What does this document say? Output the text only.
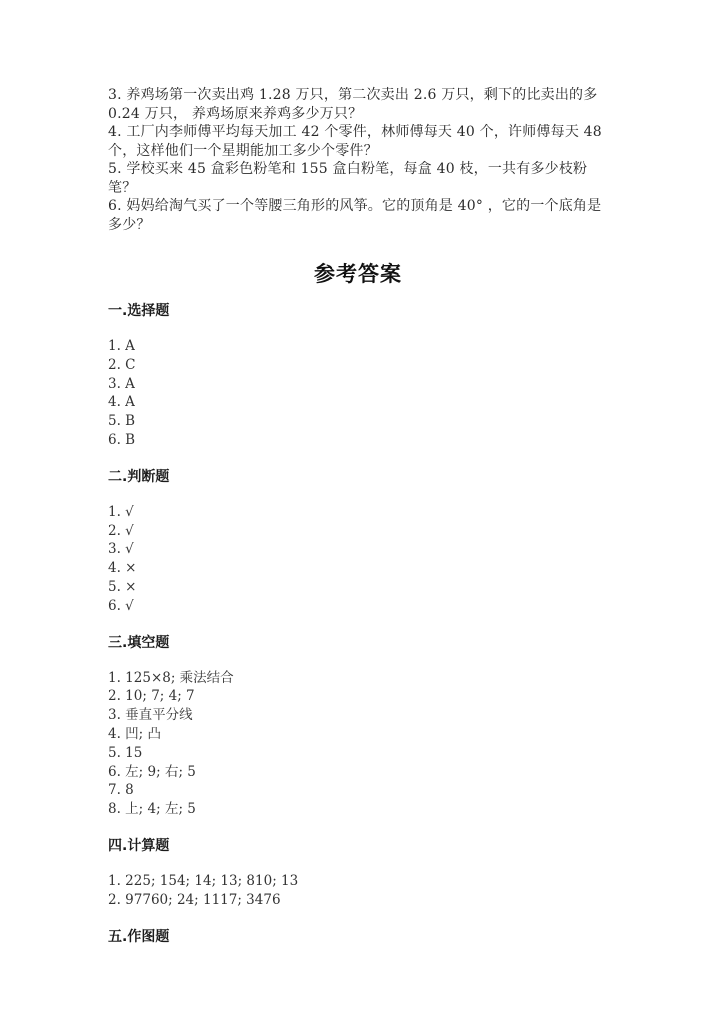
3. 养鸡场第一次卖出鸡 1.28 万只，第二次卖出 2.6 万只，剩下的比卖出的多

0.24 万只， 养鸡场原来养鸡多少万只？

4. 工厂内李师傅平均每天加工 42 个零件，林师傅每天 40 个，许师傅每天 48

个，这样他们一个星期能加工多少个零件？

5. 学校买来 45 盒彩色粉笔和 155 盒白粉笔，每盒 40 枝，一共有多少枝粉笔？

6. 妈妈给淘气买了一个等腰三角形的风筝。它的顶角是 40° ，它的一个底角是

多少？

参考答案
一.选择题
1. A
2. C
3. A
4. A
5. B
6. B
二.判断题
1. √
2. √
3. √
4. ×
5. ×
6. √
三.填空题
1. 125×8; 乘法结合
2. 10; 7; 4; 7
3. 垂直平分线
4. 凹; 凸
5. 15
6. 左; 9; 右; 5
7. 8
8. 上; 4; 左; 5
四.计算题
1. 225; 154; 14; 13; 810; 13
2. 97760; 24; 1117; 3476
五.作图题
